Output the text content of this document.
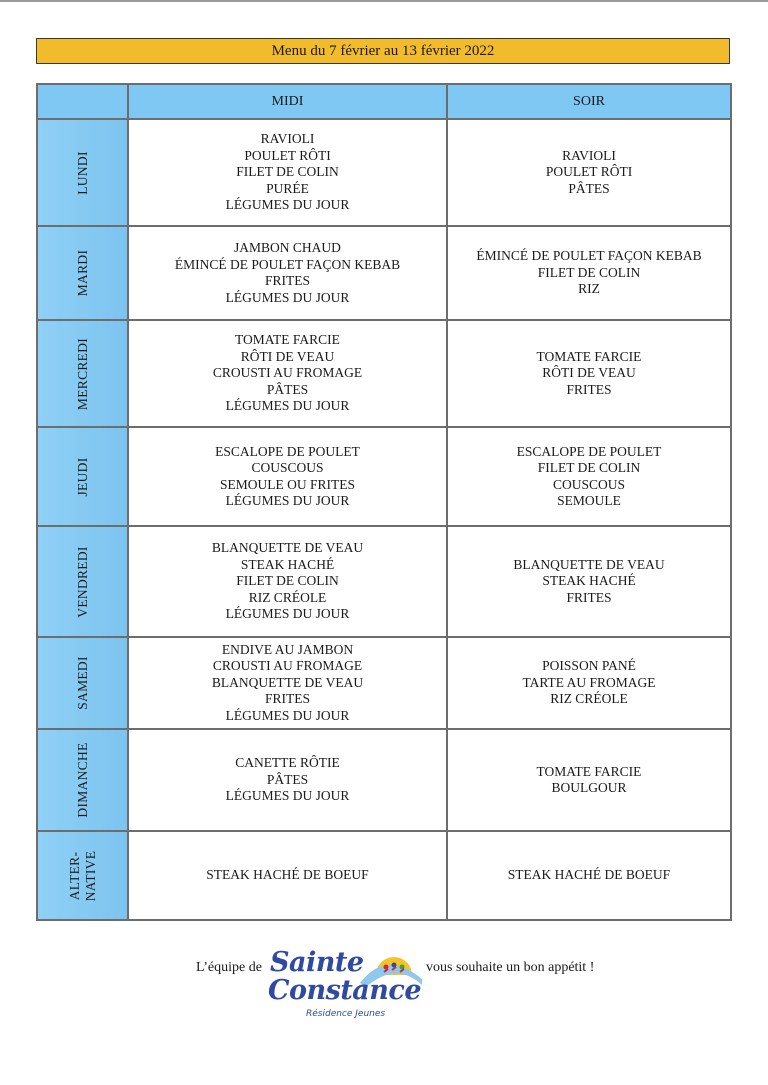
Menu du 7 février au 13 février 2022
	MIDI	SOIR

LUNDI	RAVIOLI
POULET RÔTI
FILET DE COLIN
PURÉE
LÉGUMES DU JOUR	RAVIOLI
POULET RÔTI
PÂTES

MARDI	JAMBON CHAUD
ÉMINCÉ DE POULET FAÇON KEBAB
FRITES
LÉGUMES DU JOUR	ÉMINCÉ DE POULET FAÇON KEBAB
FILET DE COLIN
RIZ

MERCREDI	TOMATE FARCIE
RÔTI DE VEAU
CROUSTI AU FROMAGE
PÂTES
LÉGUMES DU JOUR	TOMATE FARCIE
RÔTI DE VEAU
FRITES

JEUDI	ESCALOPE DE POULET
COUSCOUS
SEMOULE OU FRITES
LÉGUMES DU JOUR	ESCALOPE DE POULET
FILET DE COLIN
COUSCOUS
SEMOULE

VENDREDI	BLANQUETTE DE VEAU
STEAK HACHÉ
FILET DE COLIN
RIZ CRÉOLE
LÉGUMES DU JOUR	BLANQUETTE DE VEAU
STEAK HACHÉ
FRITES

SAMEDI	ENDIVE AU JAMBON
CROUSTI AU FROMAGE
BLANQUETTE DE VEAU
FRITES
LÉGUMES DU JOUR	POISSON PANÉ
TARTE AU FROMAGE
RIZ CRÉOLE

DIMANCHE	CANETTE RÔTIE
PÂTES
LÉGUMES DU JOUR	TOMATE FARCIE
BOULGOUR

ALTER-
NATIVE	STEAK HACHÉ DE BOEUF	STEAK HACHÉ DE BOEUF
L’équipe de Sainte
Constance
Résidence Jeunes
vous souhaite un bon appétit !
